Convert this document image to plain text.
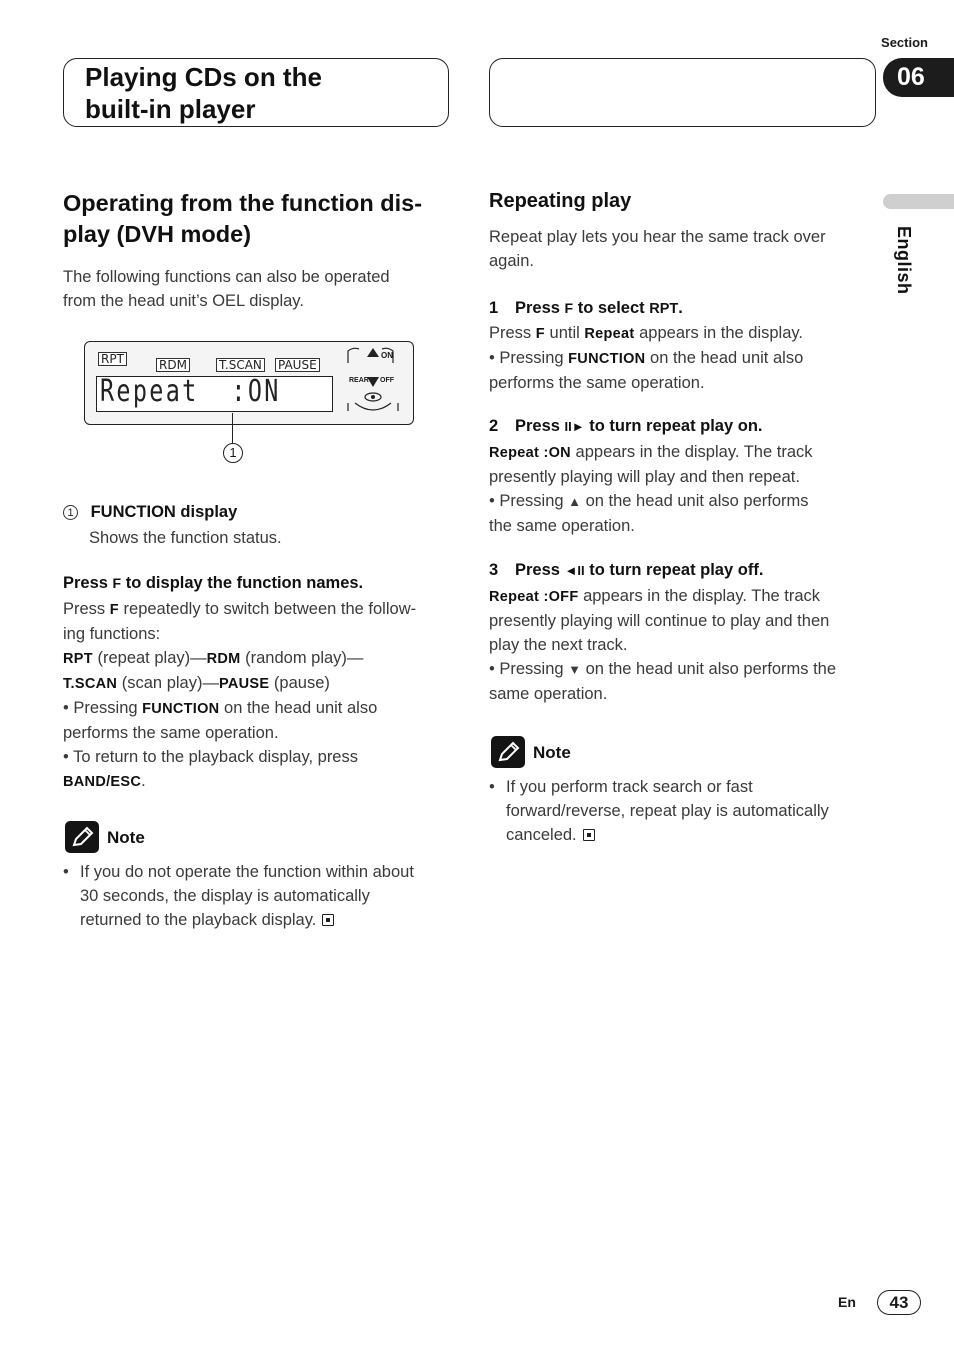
Section
06
Playing CDs on the
built-in player
English
Operating from the function dis-
play (DVH mode)
The following functions can also be operated
from the head unit’s OEL display.
RPT	RDM	T.SCAN PAUSE
Repeat  :ON
ON
REAR OFF
1
1 FUNCTION display
Shows the function status.
Press F to display the function names.
Press F repeatedly to switch between the follow-
ing functions:
RPT (repeat play)—RDM (random play)—
T.SCAN (scan play)—PAUSE (pause)
• Pressing FUNCTION on the head unit also
performs the same operation.
• To return to the playback display, press
BAND/ESC.
Note
• If you do not operate the function within about
30 seconds, the display is automatically
returned to the playback display.
Repeating play
Repeat play lets you hear the same track over
again.
1 Press F to select RPT.
Press F until Repeat appears in the display.
• Pressing FUNCTION on the head unit also
performs the same operation.
2 Press II► to turn repeat play on.
Repeat :ON appears in the display. The track
presently playing will play and then repeat.
• Pressing ▲ on the head unit also performs
the same operation.
3 Press ◄II to turn repeat play off.
Repeat :OFF appears in the display. The track
presently playing will continue to play and then
play the next track.
• Pressing ▼ on the head unit also performs the
same operation.
Note
• If you perform track search or fast
forward/reverse, repeat play is automatically
canceled.
En	43
